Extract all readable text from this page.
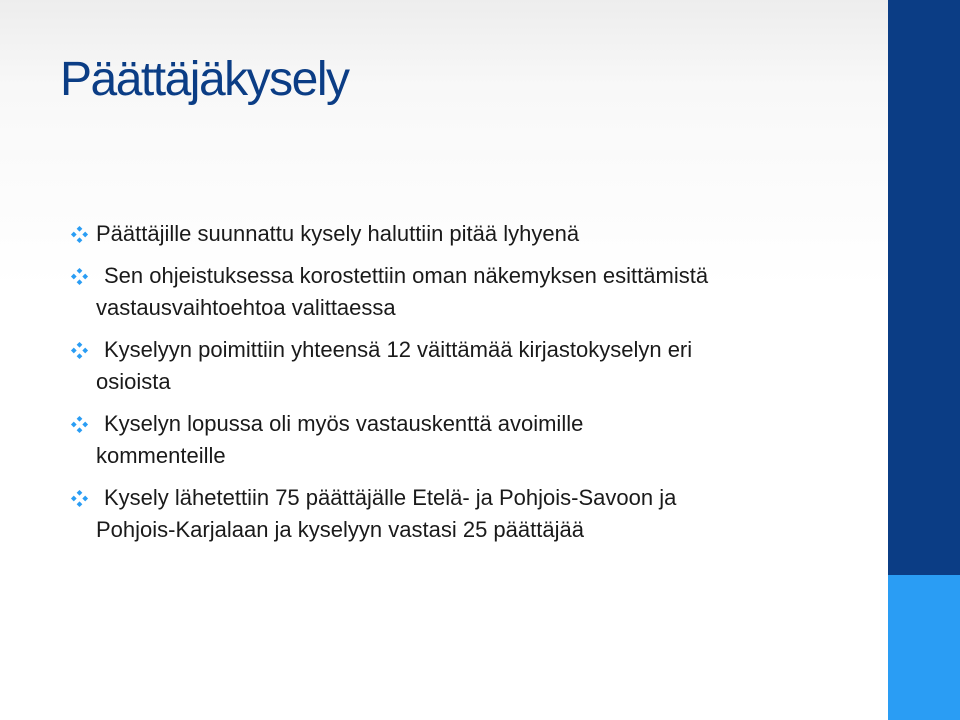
Päättäjäkysely
Päättäjille suunnattu kysely haluttiin pitää lyhyenä
Sen ohjeistuksessa korostettiin oman näkemyksen esittämistä
vastausvaihtoehtoa valittaessa
Kyselyyn poimittiin yhteensä 12 väittämää kirjastokyselyn eri
osioista
Kyselyn lopussa oli myös vastauskenttä avoimille
kommenteille
Kysely lähetettiin 75 päättäjälle Etelä- ja Pohjois-Savoon ja
Pohjois-Karjalaan ja kyselyyn vastasi 25 päättäjää
